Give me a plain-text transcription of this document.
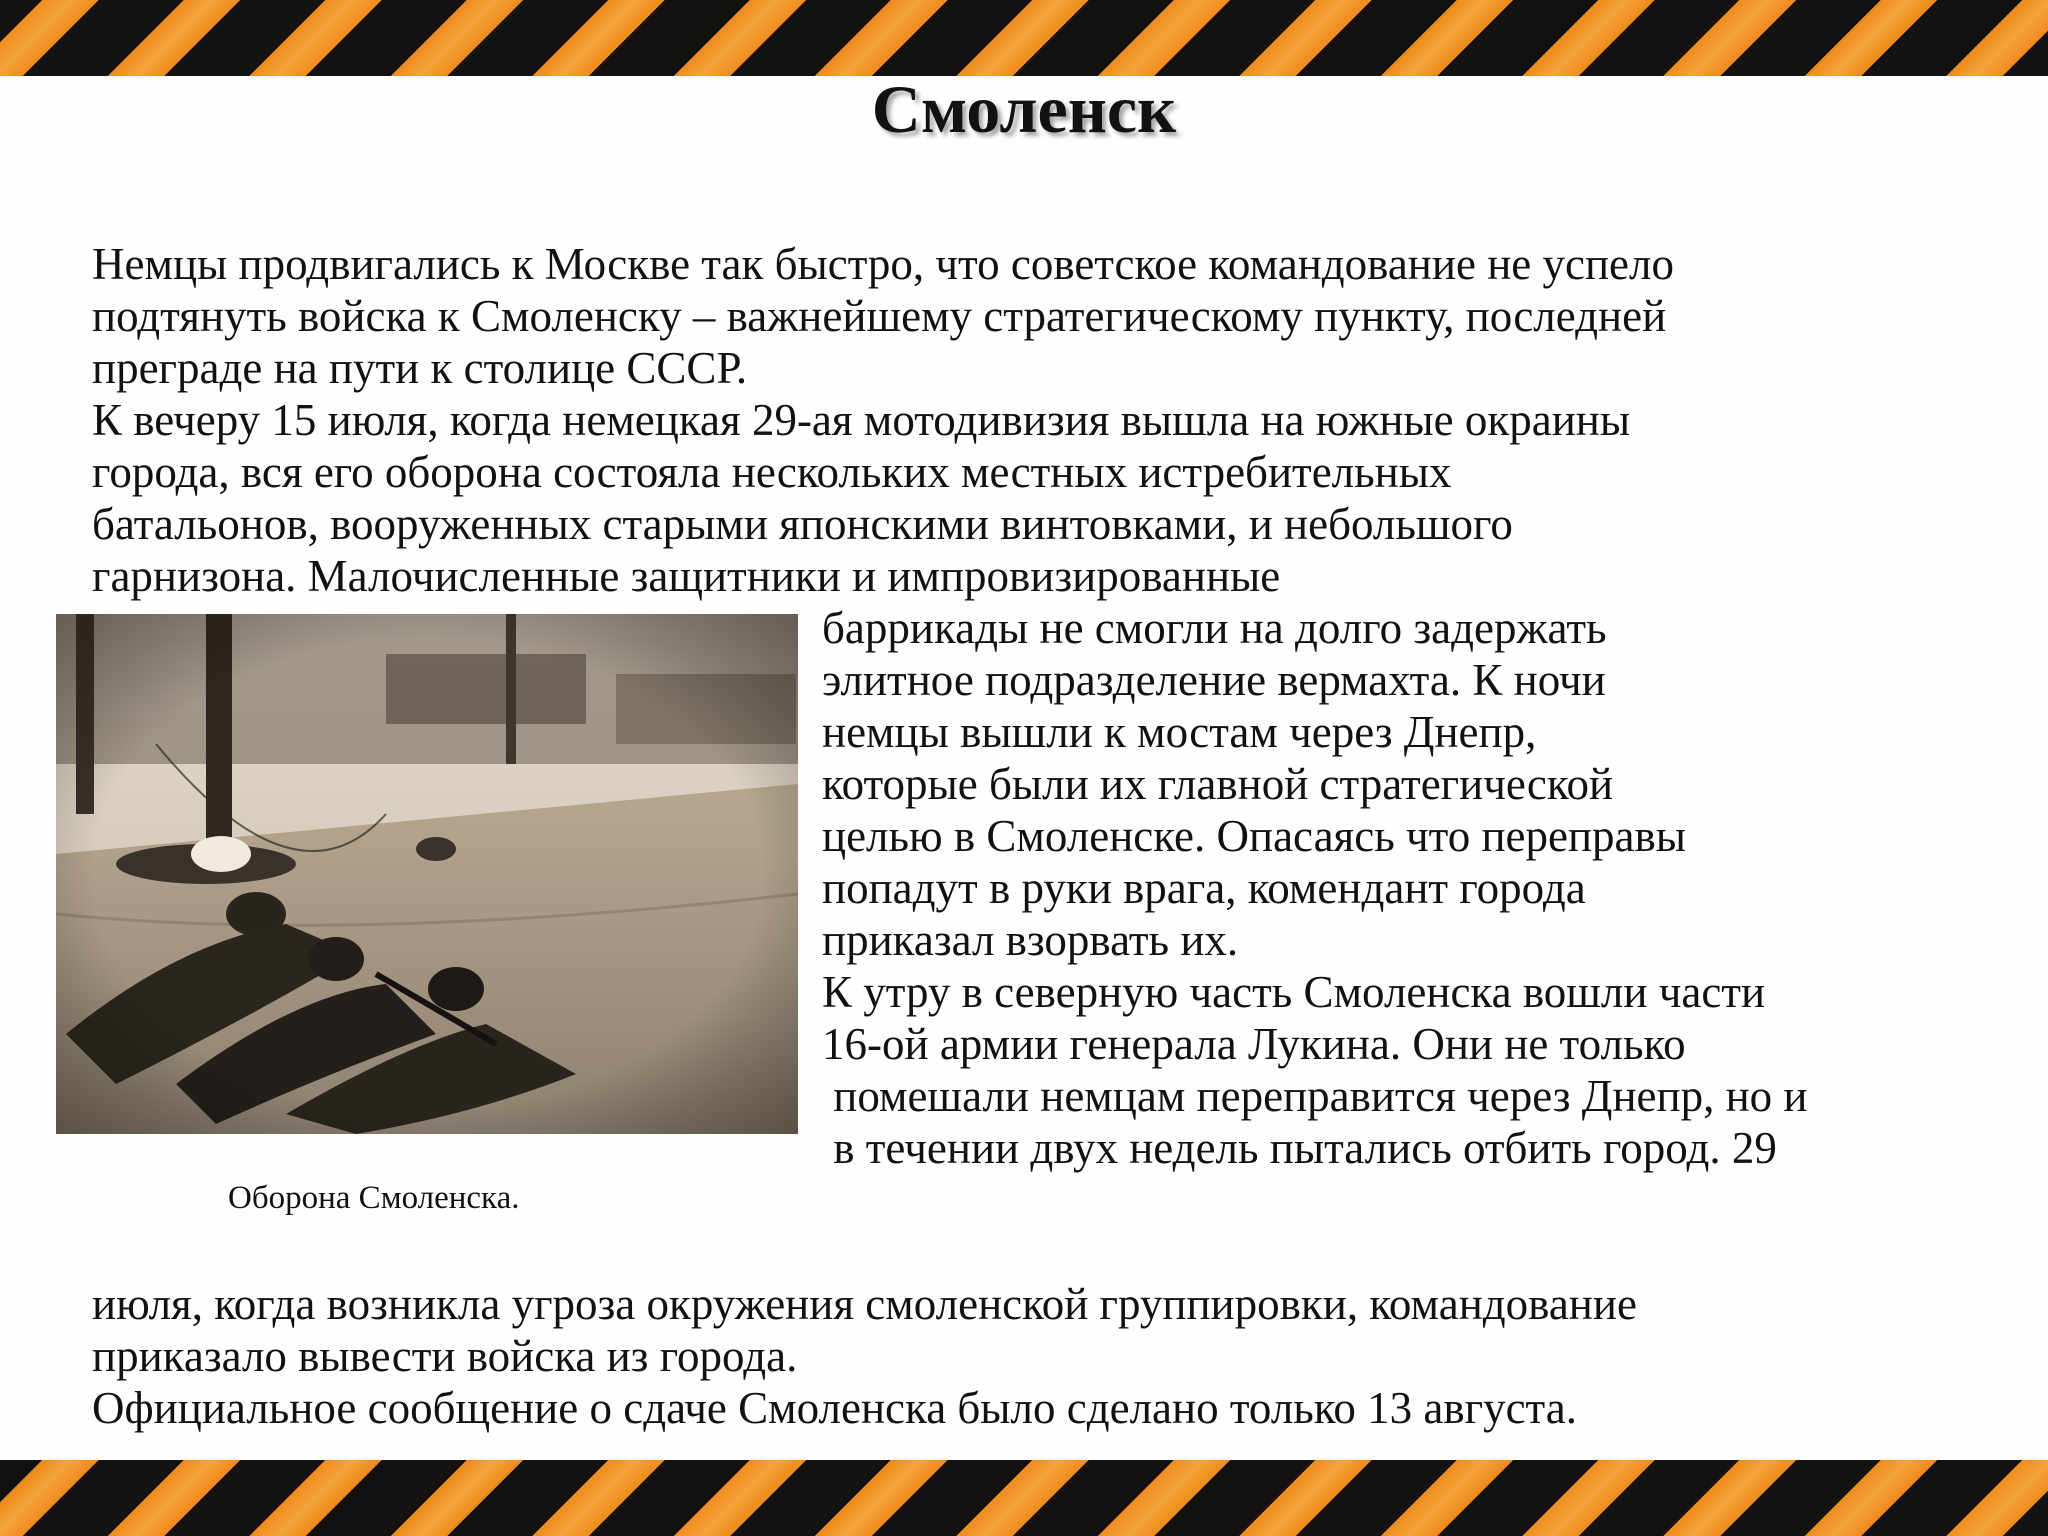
Смоленск
Немцы продвигались к Москве так быстро, что советское командование не успело
подтянуть войска к Смоленску – важнейшему стратегическому пункту, последней
преграде на пути к столице СССР.
К вечеру 15 июля, когда немецкая 29-ая мотодивизия вышла на южные окраины
города, вся его оборона состояла нескольких местных истребительных
батальонов, вооруженных старыми японскими винтовками, и небольшого
гарнизона. Малочисленные защитники и импровизированные
Оборона Смоленска.
баррикады не смогли на долго задержать
элитное подразделение вермахта. К ночи
немцы вышли к мостам через Днепр,
которые были их главной стратегической
целью в Смоленске. Опасаясь что переправы
попадут в руки врага, комендант города
приказал взорвать их.
К утру в северную часть Смоленска вошли части
16-ой армии генерала Лукина. Они не только
помешали немцам переправится через Днепр, но и
в течении двух недель пытались отбить город. 29
июля, когда возникла угроза окружения смоленской группировки, командование
приказало вывести войска из города.
Официальное сообщение о сдаче Смоленска было сделано только 13 августа.
